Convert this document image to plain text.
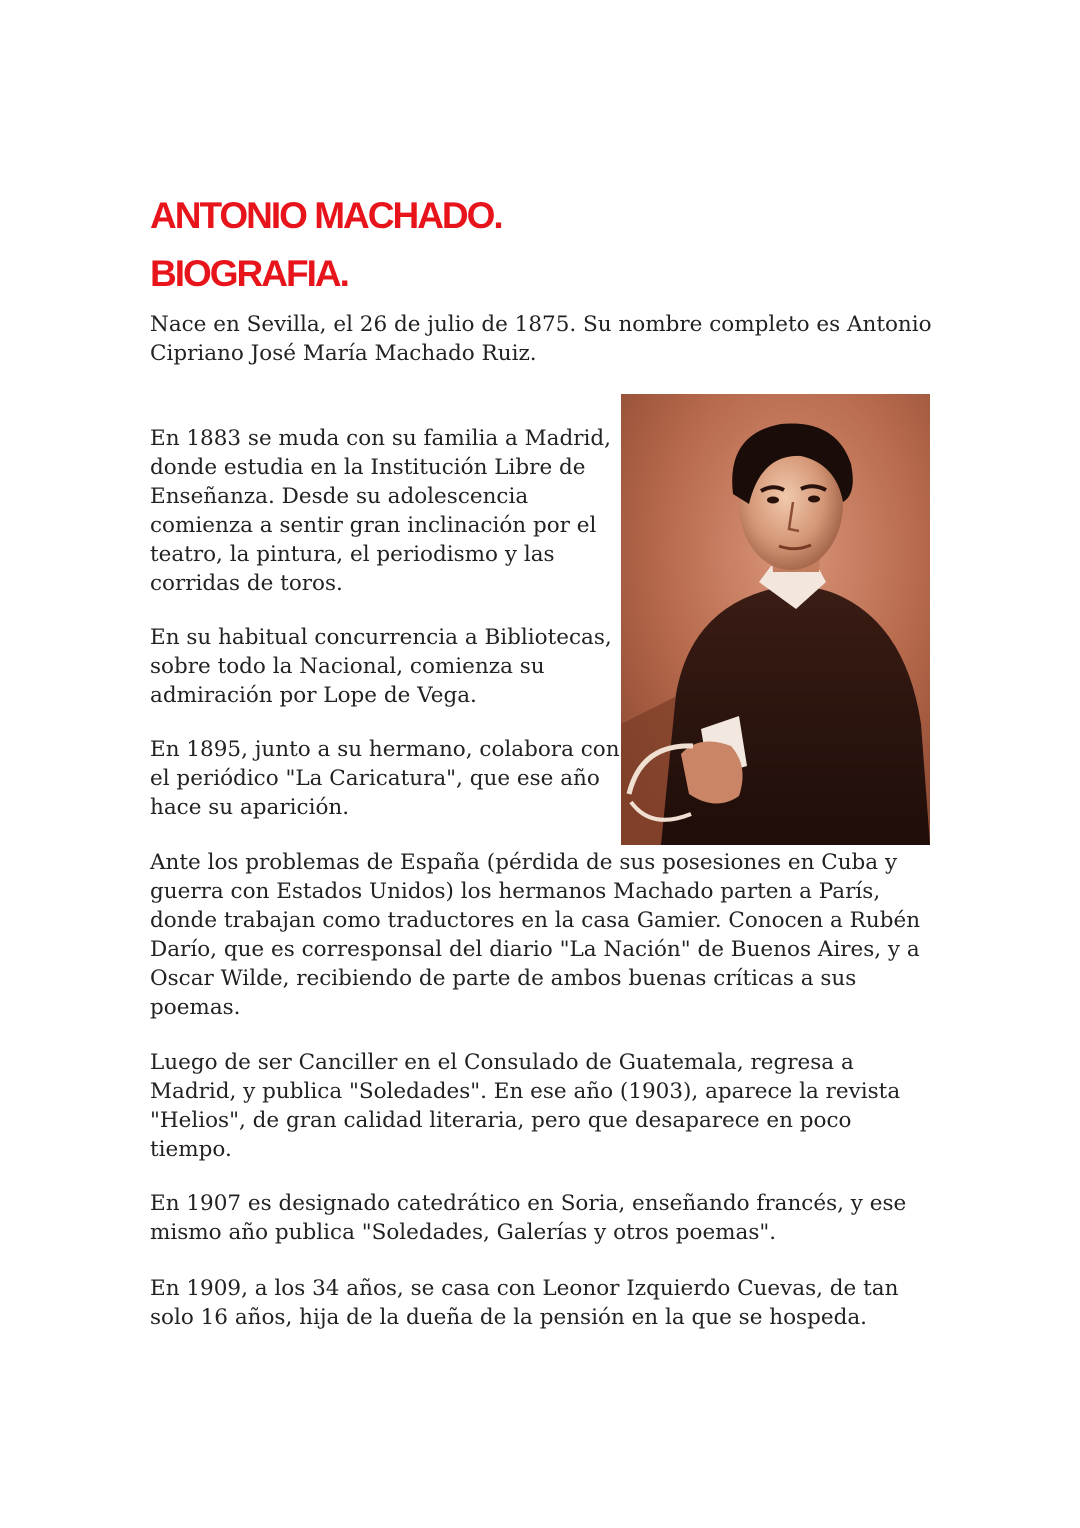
ANTONIO MACHADO.
BIOGRAFIA.

Nace en Sevilla, el 26 de julio de 1875. Su nombre completo es Antonio Cipriano José María Machado Ruiz.

En 1883 se muda con su familia a Madrid, donde estudia en la Institución Libre de Enseñanza. Desde su adolescencia comienza a sentir gran inclinación por el teatro, la pintura, el periodismo y las corridas de toros.

En su habitual concurrencia a Bibliotecas, sobre todo la Nacional, comienza su admiración por Lope de Vega.

En 1895, junto a su hermano, colabora con el periódico "La Caricatura", que ese año hace su aparición.

Ante los problemas de España (pérdida de sus posesiones en Cuba y guerra con Estados Unidos) los hermanos Machado parten a París, donde trabajan como traductores en la casa Gamier. Conocen a Rubén Darío, que es corresponsal del diario "La Nación" de Buenos Aires, y a Oscar Wilde, recibiendo de parte de ambos buenas críticas a sus poemas.

Luego de ser Canciller en el Consulado de Guatemala, regresa a Madrid, y publica "Soledades". En ese año (1903), aparece la revista "Helios", de gran calidad literaria, pero que desaparece en poco tiempo.

En 1907 es designado catedrático en Soria, enseñando francés, y ese mismo año publica "Soledades, Galerías y otros poemas".

En 1909, a los 34 años, se casa con Leonor Izquierdo Cuevas, de tan solo 16 años, hija de la dueña de la pensión en la que se hospeda.
